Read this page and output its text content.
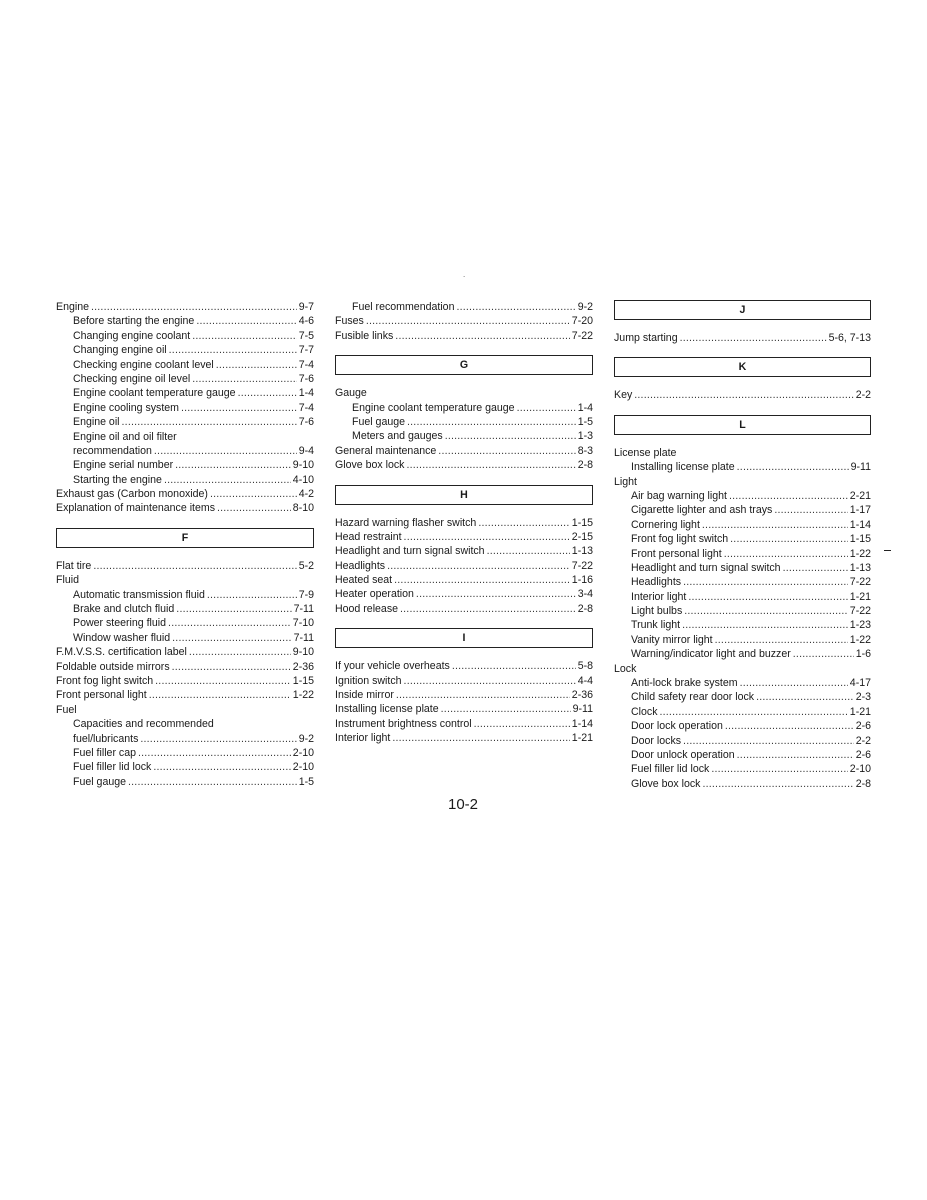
.
Engine .....	9-7
Before starting the engine .....	4-6
Changing engine coolant .....	7-5
Changing engine oil .....	7-7
Checking engine coolant level .....	7-4
Checking engine oil level .....	7-6
Engine coolant temperature gauge .....	1-4
Engine cooling system .....	7-4
Engine oil .....	7-6
Engine oil and oil filter
recommendation .....	9-4
Engine serial number .....	9-10
Starting the engine .....	4-10
Exhaust gas (Carbon monoxide) .....	4-2
Explanation of maintenance items .....	8-10
F
Flat tire .....	5-2
Fluid
Automatic transmission fluid .....	7-9
Brake and clutch fluid .....	7-11
Power steering fluid .....	7-10
Window washer fluid .....	7-11
F.M.V.S.S. certification label .....	9-10
Foldable outside mirrors .....	2-36
Front fog light switch .....	1-15
Front personal light .....	1-22
Fuel
Capacities and recommended
fuel/lubricants .....	9-2
Fuel filler cap .....	2-10
Fuel filler lid lock .....	2-10
Fuel gauge .....	1-5
Fuel recommendation .....	9-2
Fuses .....	7-20
Fusible links .....	7-22
G
Gauge
Engine coolant temperature gauge .....	1-4
Fuel gauge .....	1-5
Meters and gauges .....	1-3
General maintenance .....	8-3
Glove box lock .....	2-8
H
Hazard warning flasher switch .....	1-15
Head restraint .....	2-15
Headlight and turn signal switch .....	1-13
Headlights .....	7-22
Heated seat .....	1-16
Heater operation .....	3-4
Hood release .....	2-8
I
If your vehicle overheats .....	5-8
Ignition switch .....	4-4
Inside mirror .....	2-36
Installing license plate .....	9-11
Instrument brightness control .....	1-14
Interior light .....	1-21
J
Jump starting .....	5-6, 7-13
K
Key .....	2-2
L
License plate
Installing license plate .....	9-11
Light
Air bag warning light .....	2-21
Cigarette lighter and ash trays .....	1-17
Cornering light .....	1-14
Front fog light switch .....	1-15
Front personal light .....	1-22
Headlight and turn signal switch .....	1-13
Headlights .....	7-22
Interior light .....	1-21
Light bulbs .....	7-22
Trunk light .....	1-23
Vanity mirror light .....	1-22
Warning/indicator light and buzzer .....	1-6
Lock
Anti-lock brake system .....	4-17
Child safety rear door lock .....	2-3
Clock .....	1-21
Door lock operation .....	2-6
Door locks .....	2-2
Door unlock operation .....	2-6
Fuel filler lid lock .....	2-10
Glove box lock .....	2-8
10-2
